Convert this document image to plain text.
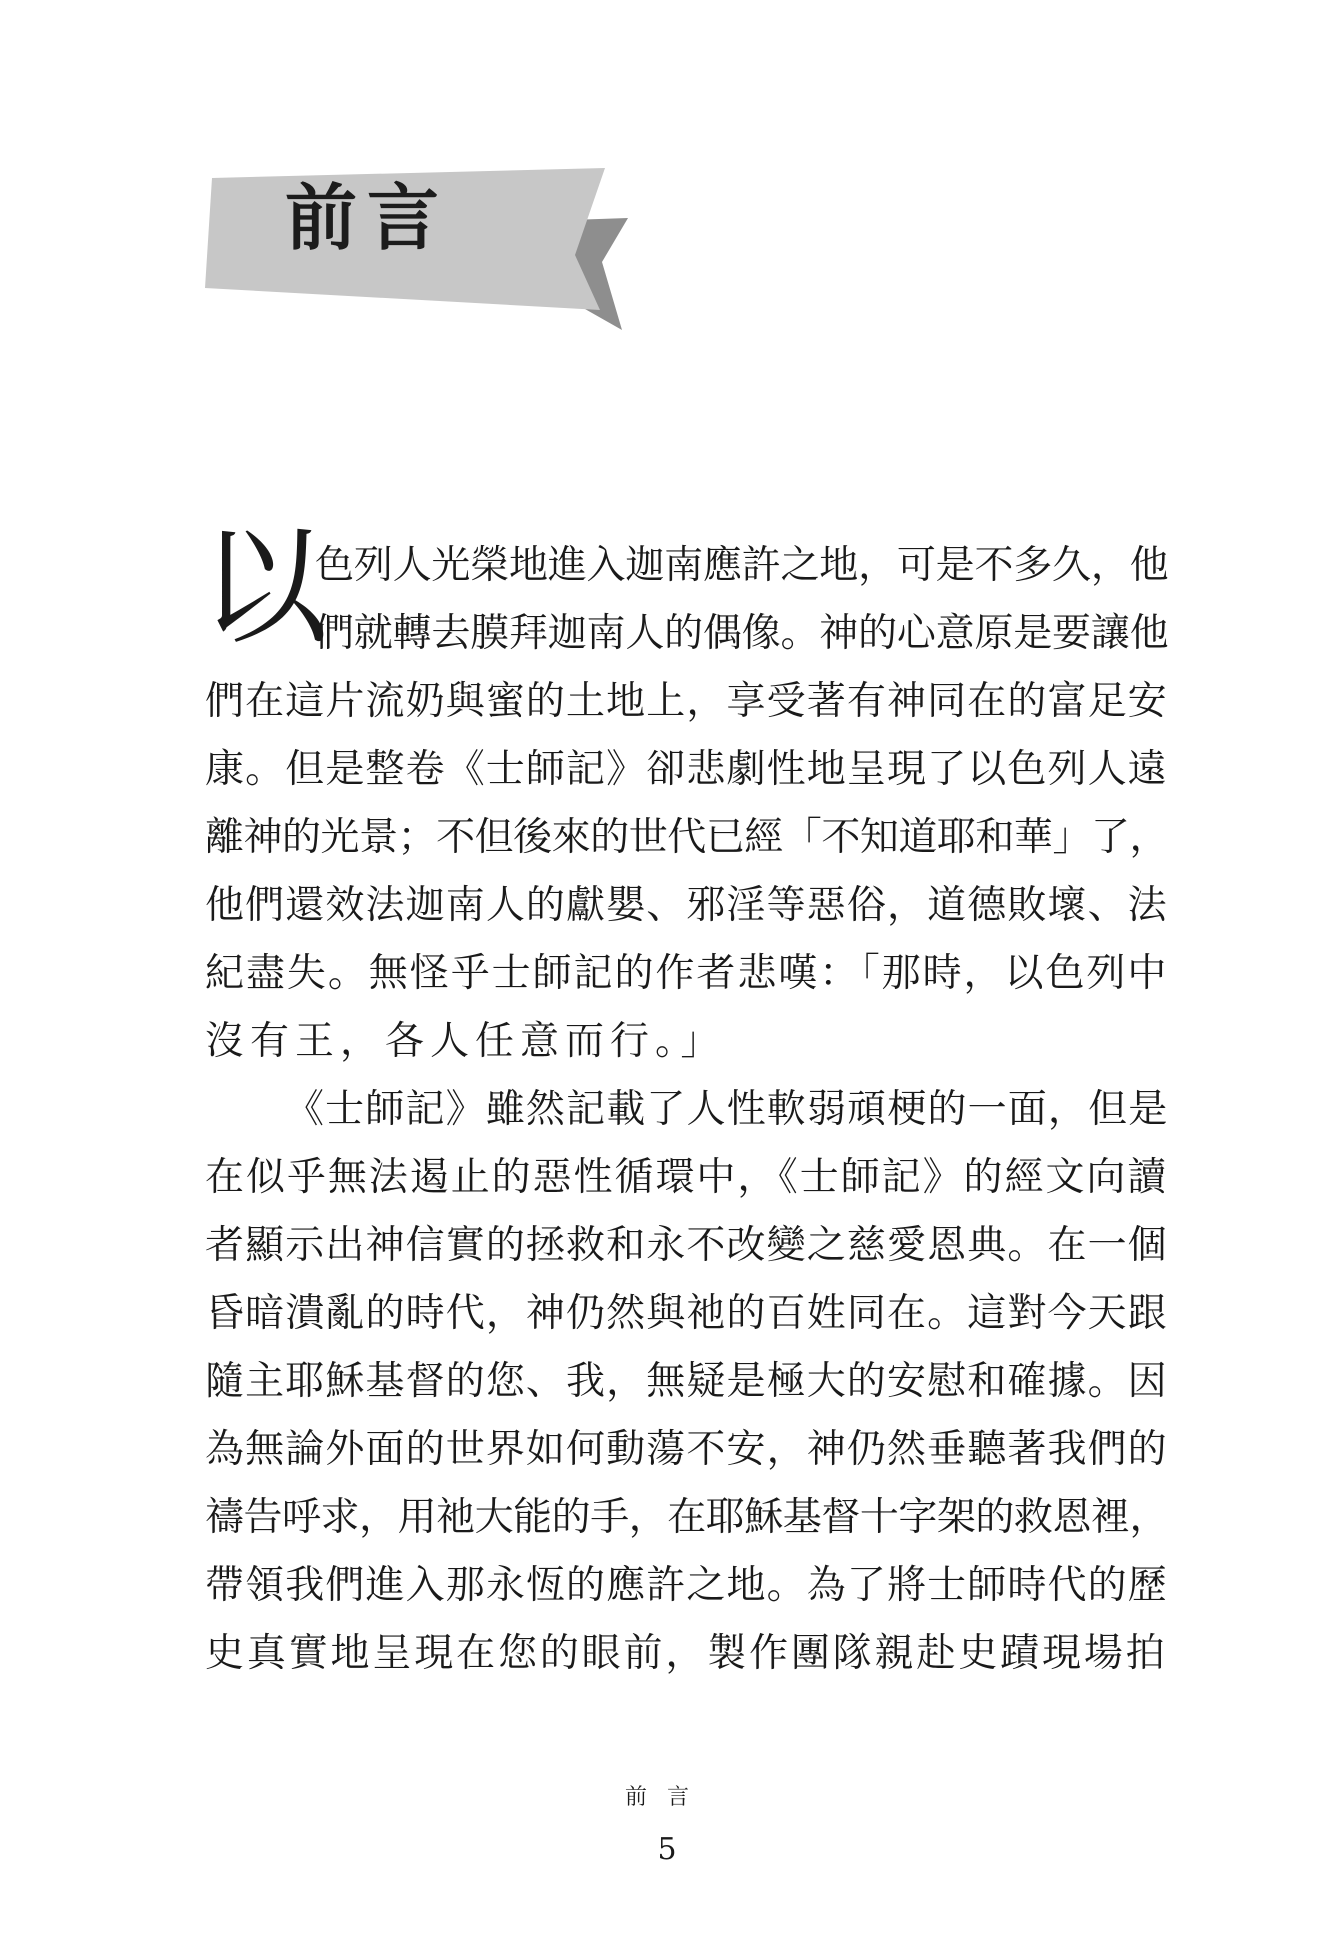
前言
以
色列人光榮地進入迦南應許之地，可是不多久，他
們就轉去膜拜迦南人的偶像。神的心意原是要讓他
們在這片流奶與蜜的土地上，享受著有神同在的富足安
康。但是整卷《士師記》卻悲劇性地呈現了以色列人遠
離神的光景；不但後來的世代已經「不知道耶和華」了，
他們還效法迦南人的獻嬰、邪淫等惡俗，道德敗壞、法
紀盡失。無怪乎士師記的作者悲嘆：「那時，以色列中
沒有王，各人任意而行。」
《士師記》雖然記載了人性軟弱頑梗的一面，但是
在似乎無法遏止的惡性循環中，《士師記》的經文向讀
者顯示出神信實的拯救和永不改變之慈愛恩典。在一個
昏暗潰亂的時代，神仍然與祂的百姓同在。這對今天跟
隨主耶穌基督的您、我，無疑是極大的安慰和確據。因
為無論外面的世界如何動蕩不安，神仍然垂聽著我們的
禱告呼求，用祂大能的手，在耶穌基督十字架的救恩裡，
帶領我們進入那永恆的應許之地。為了將士師時代的歷
史真實地呈現在您的眼前，製作團隊親赴史蹟現場拍
前言
5
